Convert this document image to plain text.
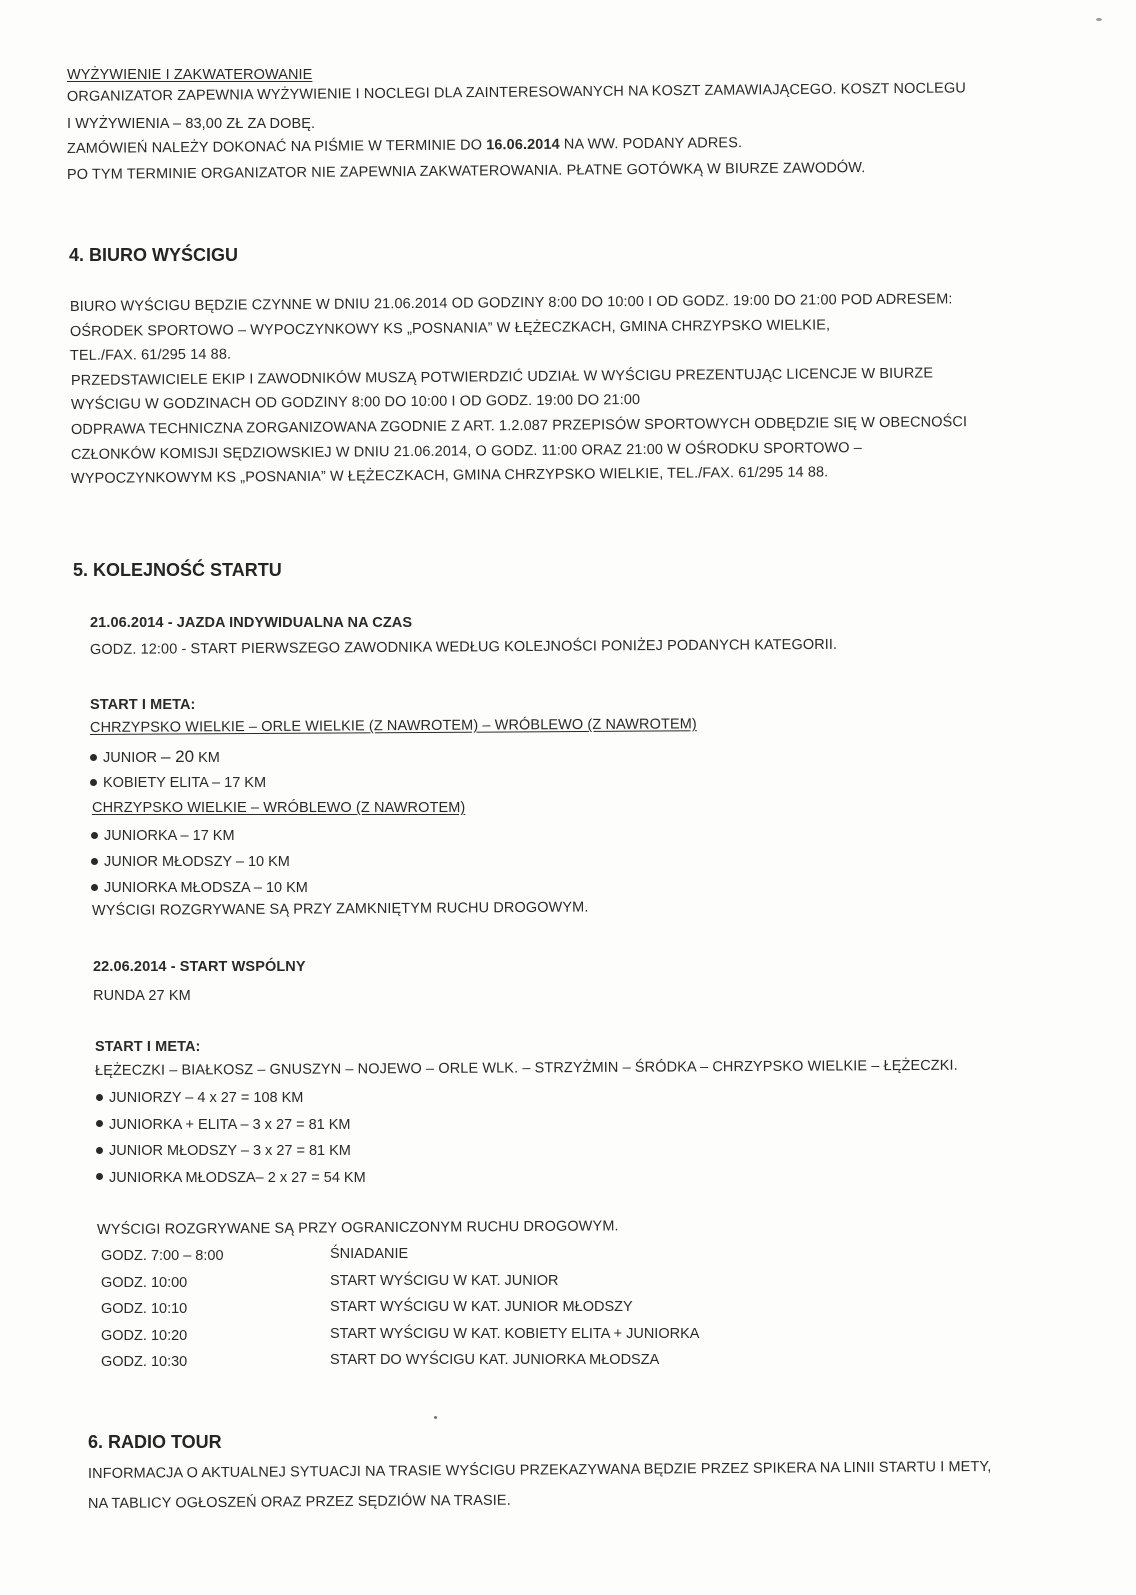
WYŻYWIENIE I ZAKWATEROWANIE
ORGANIZATOR ZAPEWNIA WYŻYWIENIE I NOCLEGI DLA ZAINTERESOWANYCH NA KOSZT ZAMAWIAJĄCEGO. KOSZT NOCLEGU
I WYŻYWIENIA – 83,00 ZŁ ZA DOBĘ.
ZAMÓWIEŃ NALEŻY DOKONAĆ NA PIŚMIE W TERMINIE DO 16.06.2014 NA WW. PODANY ADRES.
PO TYM TERMINIE ORGANIZATOR NIE ZAPEWNIA ZAKWATEROWANIA. PŁATNE GOTÓWKĄ W BIURZE ZAWODÓW.
4. BIURO WYŚCIGU
BIURO WYŚCIGU BĘDZIE CZYNNE W DNIU 21.06.2014 OD GODZINY 8:00 DO 10:00 I OD GODZ. 19:00 DO 21:00 POD ADRESEM:
OŚRODEK SPORTOWO – WYPOCZYNKOWY KS „POSNANIA” W ŁĘŻECZKACH, GMINA CHRZYPSKO WIELKIE,
TEL./FAX. 61/295 14 88.
PRZEDSTAWICIELE EKIP I ZAWODNIKÓW MUSZĄ POTWIERDZIĆ UDZIAŁ W WYŚCIGU PREZENTUJĄC LICENCJE W BIURZE
WYŚCIGU W GODZINACH OD GODZINY 8:00 DO 10:00 I OD GODZ. 19:00 DO 21:00
ODPRAWA TECHNICZNA ZORGANIZOWANA ZGODNIE Z ART. 1.2.087 PRZEPISÓW SPORTOWYCH ODBĘDZIE SIĘ W OBECNOŚCI
CZŁONKÓW KOMISJI SĘDZIOWSKIEJ W DNIU 21.06.2014, O GODZ. 11:00 ORAZ 21:00 W OŚRODKU SPORTOWO –
WYPOCZYNKOWYM KS „POSNANIA” W ŁĘŻECZKACH, GMINA CHRZYPSKO WIELKIE, TEL./FAX. 61/295 14 88.
5. KOLEJNOŚĆ STARTU
21.06.2014 - JAZDA INDYWIDUALNA NA CZAS
GODZ. 12:00 - START PIERWSZEGO ZAWODNIKA WEDŁUG KOLEJNOŚCI PONIŻEJ PODANYCH KATEGORII.
START I META:
CHRZYPSKO WIELKIE – ORLE WIELKIE (Z NAWROTEM) – WRÓBLEWO (Z NAWROTEM)
JUNIOR – 20 KM
KOBIETY ELITA – 17 KM
CHRZYPSKO WIELKIE – WRÓBLEWO (Z NAWROTEM)
JUNIORKA – 17 KM
JUNIOR MŁODSZY – 10 KM
JUNIORKA MŁODSZA – 10 KM
WYŚCIGI ROZGRYWANE SĄ PRZY ZAMKNIĘTYM RUCHU DROGOWYM.
22.06.2014 - START WSPÓLNY
RUNDA 27 KM
START I META:
ŁĘŻECZKI – BIAŁKOSZ – GNUSZYN – NOJEWO – ORLE WLK. – STRZYŻMIN – ŚRÓDKA – CHRZYPSKO WIELKIE – ŁĘŻECZKI.
JUNIORZY – 4 x 27 = 108 KM
JUNIORKA + ELITA – 3 x 27 = 81 KM
JUNIOR MŁODSZY – 3 x 27 = 81 KM
JUNIORKA MŁODSZA– 2 x 27 = 54 KM
WYŚCIGI ROZGRYWANE SĄ PRZY OGRANICZONYM RUCHU DROGOWYM.
GODZ. 7:00 – 8:00	ŚNIADANIE
GODZ. 10:00	START WYŚCIGU W KAT. JUNIOR
GODZ. 10:10	START WYŚCIGU W KAT. JUNIOR MŁODSZY
GODZ. 10:20	START WYŚCIGU W KAT. KOBIETY ELITA + JUNIORKA
GODZ. 10:30	START DO WYŚCIGU KAT. JUNIORKA MŁODSZA
6. RADIO TOUR
INFORMACJA O AKTUALNEJ SYTUACJI NA TRASIE WYŚCIGU PRZEKAZYWANA BĘDZIE PRZEZ SPIKERA NA LINII STARTU I METY,
NA TABLICY OGŁOSZEŃ ORAZ PRZEZ SĘDZIÓW NA TRASIE.
